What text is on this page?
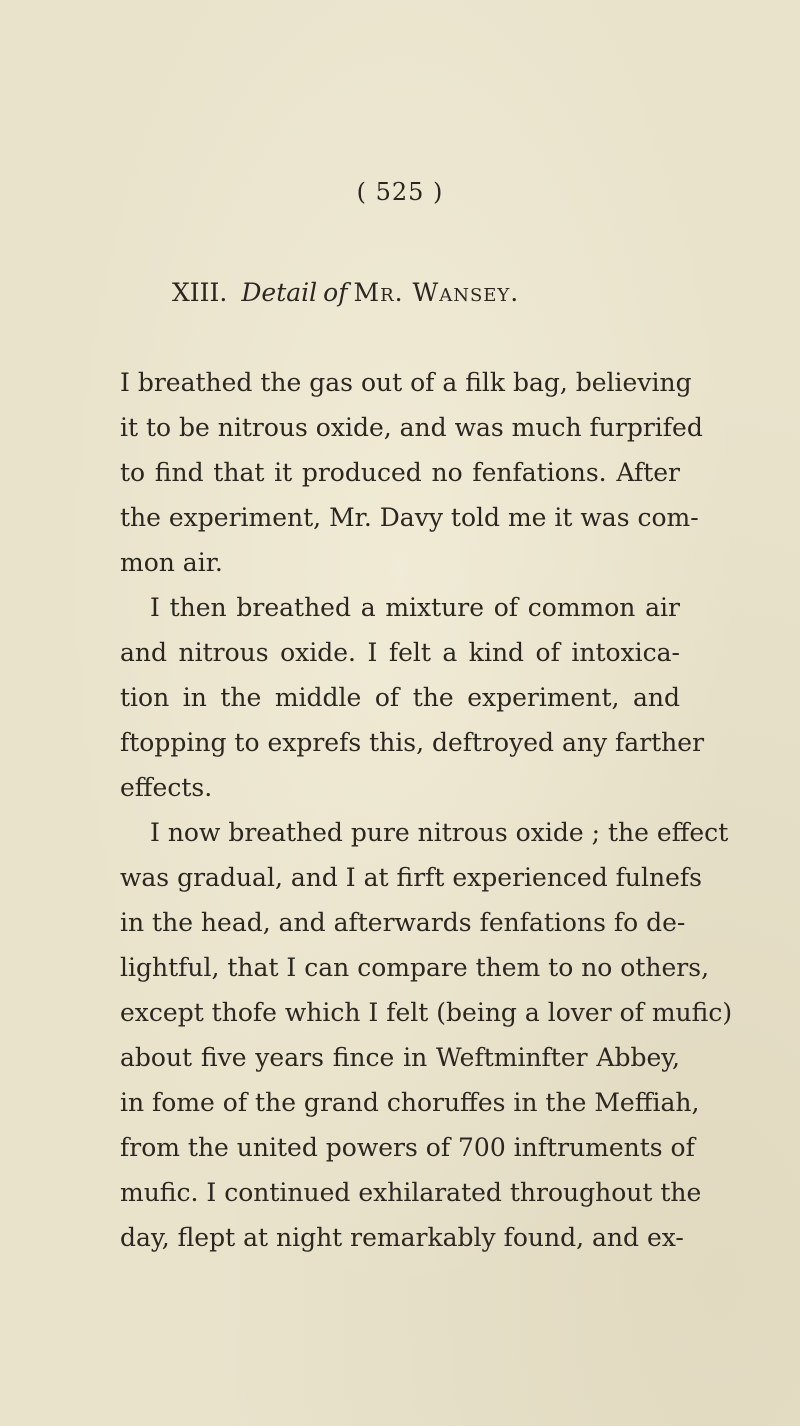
( 525 )
XIII. Detail of Mr. Wansey.
I breathed the gas out of a filk bag, believing
it to be nitrous oxide, and was much furprifed
to find that it produced no fenfations. After
the experiment, Mr. Davy told me it was com-
mon air.
I then breathed a mixture of common air
and nitrous oxide. I felt a kind of intoxica-
tion in the middle of the experiment, and
ftopping to exprefs this, deftroyed any farther
effects.
I now breathed pure nitrous oxide ; the effect
was gradual, and I at firft experienced fulnefs
in the head, and afterwards fenfations fo de-
lightful, that I can compare them to no others,
except thofe which I felt (being a lover of mufic)
about five years fince in Weftminfter Abbey,
in fome of the grand choruffes in the Meffiah,
from the united powers of 700 inftruments of
mufic. I continued exhilarated throughout the
day, flept at night remarkably found, and ex-
